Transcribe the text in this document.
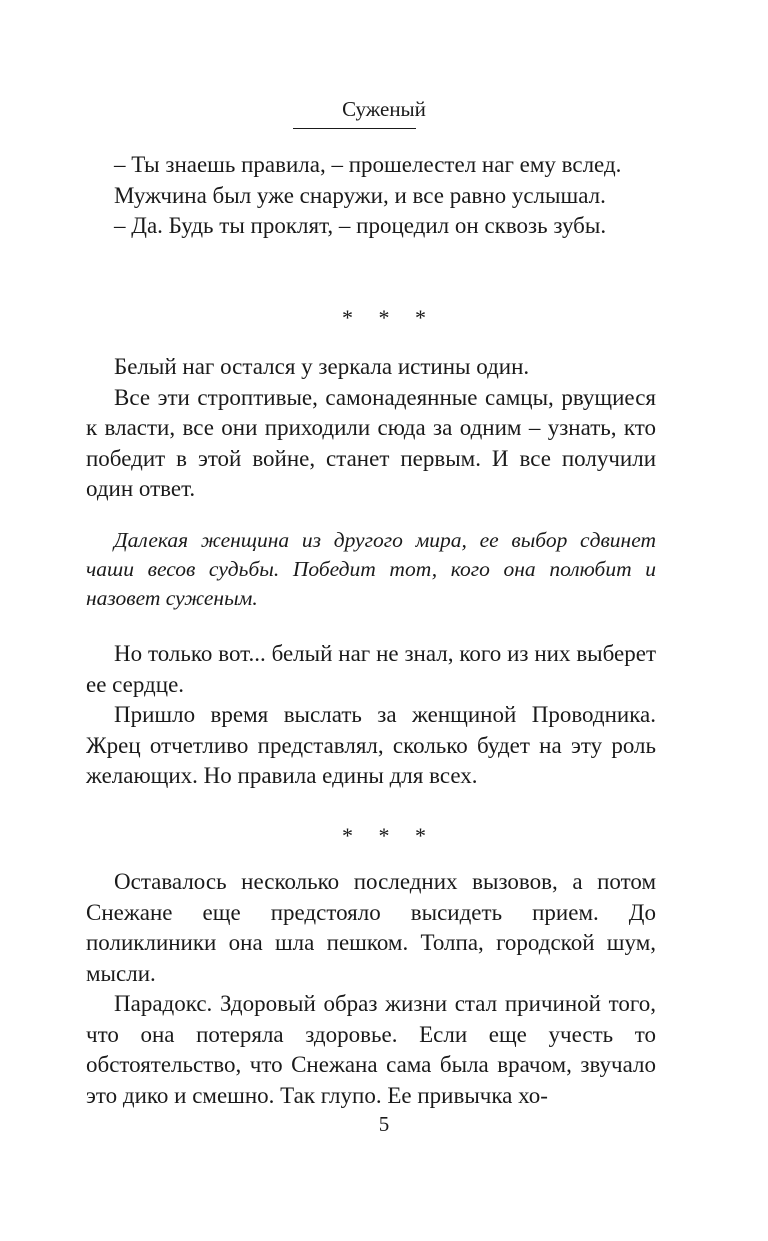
Суженый

– Ты знаешь правила, – прошелестел наг ему вслед.

Мужчина был уже снаружи, и все равно услышал.

– Да. Будь ты проклят, – процедил он сквозь зубы.

* * *

Белый наг остался у зеркала истины один.

Все эти строптивые, самонадеянные самцы, рвущиеся к власти, все они приходили сюда за одним – узнать, кто победит в этой войне, станет первым. И все получили один ответ.

Далекая женщина из другого мира, ее выбор сдвинет чаши весов судьбы. Победит тот, кого она полюбит и назовет суженым.

Но только вот... белый наг не знал, кого из них выберет ее сердце.

Пришло время выслать за женщиной Проводника. Жрец отчетливо представлял, сколько будет на эту роль желающих. Но правила едины для всех.

* * *

Оставалось несколько последних вызовов, а потом Снежане еще предстояло высидеть прием. До поликлиники она шла пешком. Толпа, городской шум, мысли.

Парадокс. Здоровый образ жизни стал причиной того, что она потеряла здоровье. Если еще учесть то обстоятельство, что Снежана сама была врачом, звучало это дико и смешно. Так глупо. Ее привычка хо-

5
